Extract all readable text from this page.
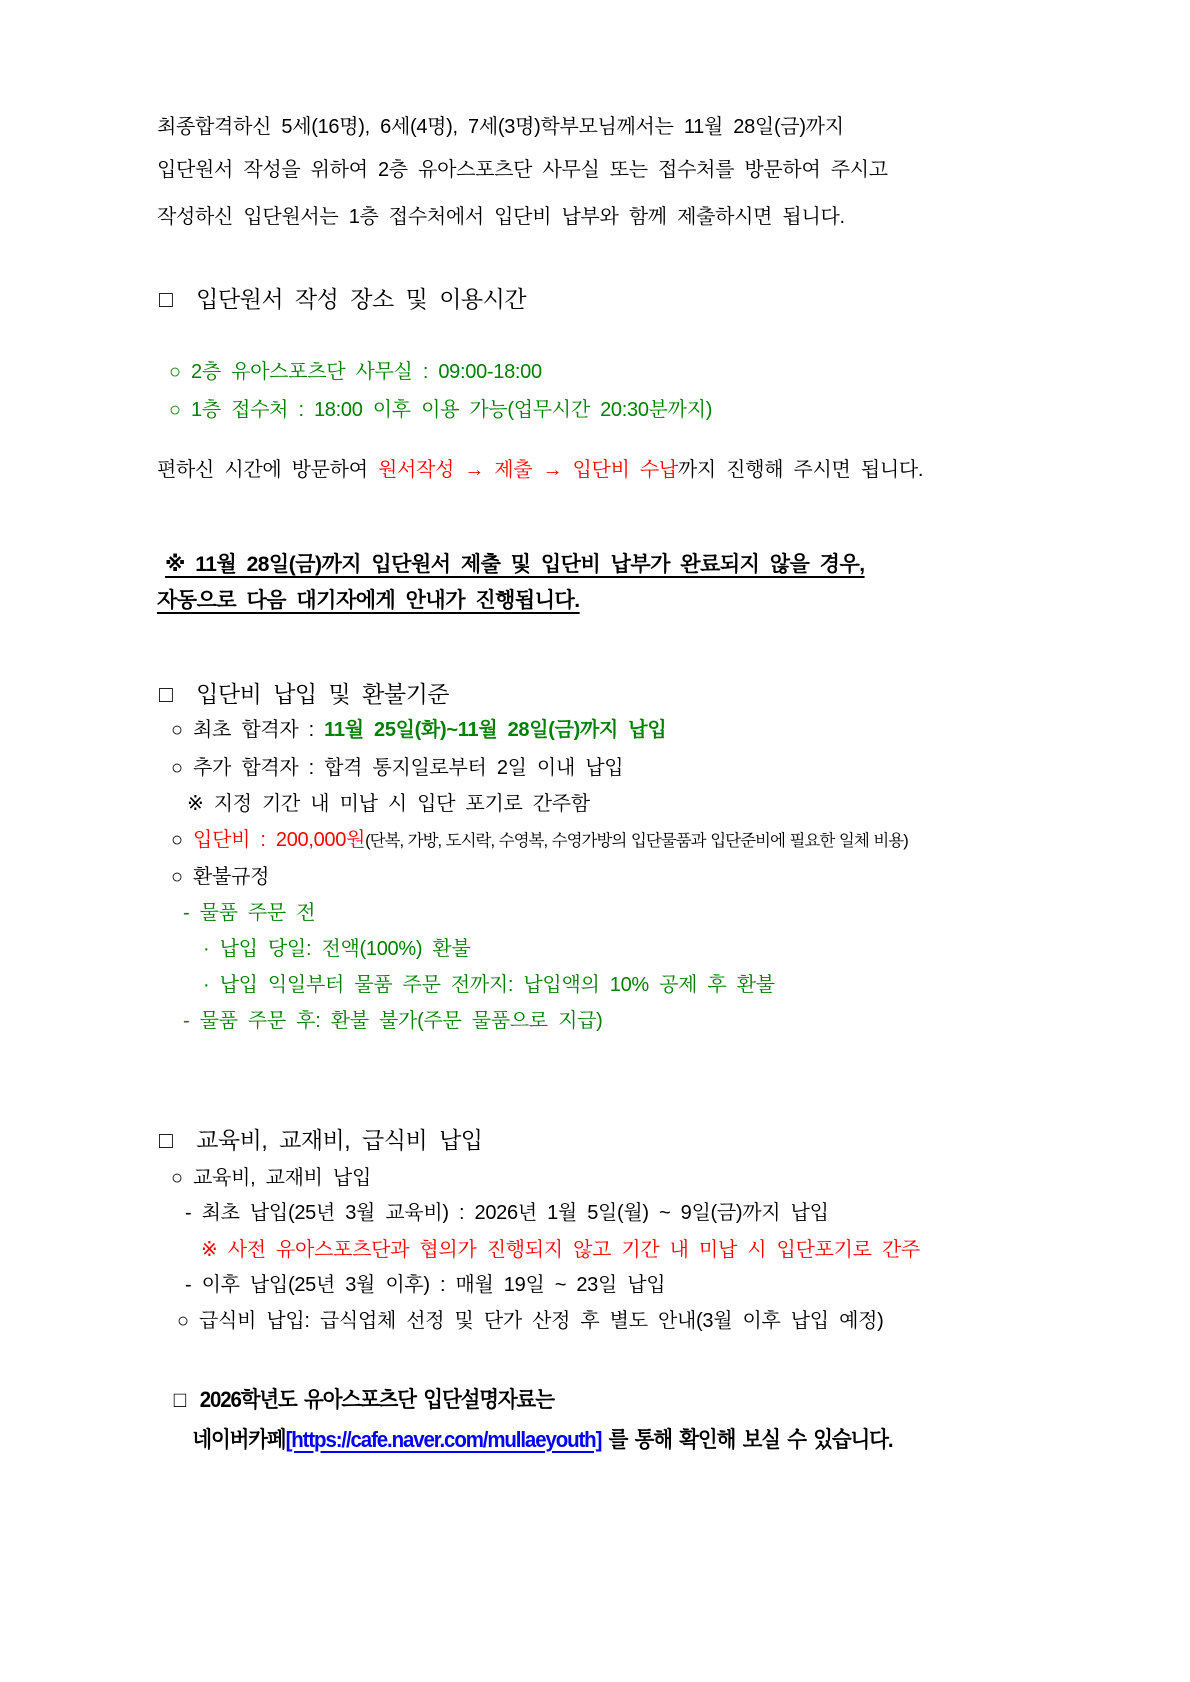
최종합격하신 5세(16명), 6세(4명), 7세(3명)학부모님께서는 11월 28일(금)까지
입단원서 작성을 위하여 2층 유아스포츠단 사무실 또는 접수처를 방문하여 주시고
작성하신 입단원서는 1층 접수처에서 입단비 납부와 함께 제출하시면 됩니다.
□  입단원서 작성 장소 및 이용시간
○ 2층 유아스포츠단 사무실 : 09:00-18:00
○ 1층 접수처 : 18:00 이후 이용 가능(업무시간 20:30분까지)
편하신 시간에 방문하여 원서작성 → 제출 → 입단비 수납까지 진행해 주시면 됩니다.
※ 11월 28일(금)까지 입단원서 제출 및 입단비 납부가 완료되지 않을 경우,
자동으로 다음 대기자에게 안내가 진행됩니다.
□  입단비 납입 및 환불기준
○ 최초 합격자 : 11월 25일(화)~11월 28일(금)까지 납입
○ 추가 합격자 : 합격 통지일로부터 2일 이내 납입
※ 지정 기간 내 미납 시 입단 포기로 간주함
○ 입단비 : 200,000원(단복, 가방, 도시락, 수영복, 수영가방의 입단물품과 입단준비에 필요한 일체 비용)
○ 환불규정
- 물품 주문 전
· 납입 당일: 전액(100%) 환불
· 납입 익일부터 물품 주문 전까지: 납입액의 10% 공제 후 환불
- 물품 주문 후: 환불 불가(주문 물품으로 지급)
□  교육비, 교재비, 급식비 납입
○ 교육비, 교재비 납입
- 최초 납입(25년 3월 교육비) : 2026년 1월 5일(월) ~ 9일(금)까지 납입
※ 사전 유아스포츠단과 협의가 진행되지 않고 기간 내 미납 시 입단포기로 간주
- 이후 납입(25년 3월 이후) : 매월 19일 ~ 23일 납입
○ 급식비 납입: 급식업체 선정 및 단가 산정 후 별도 안내(3월 이후 납입 예정)
□  2026학년도 유아스포츠단 입단설명자료는
네이버카페[https://cafe.naver.com/mullaeyouth] 를 통해 확인해 보실 수 있습니다.
